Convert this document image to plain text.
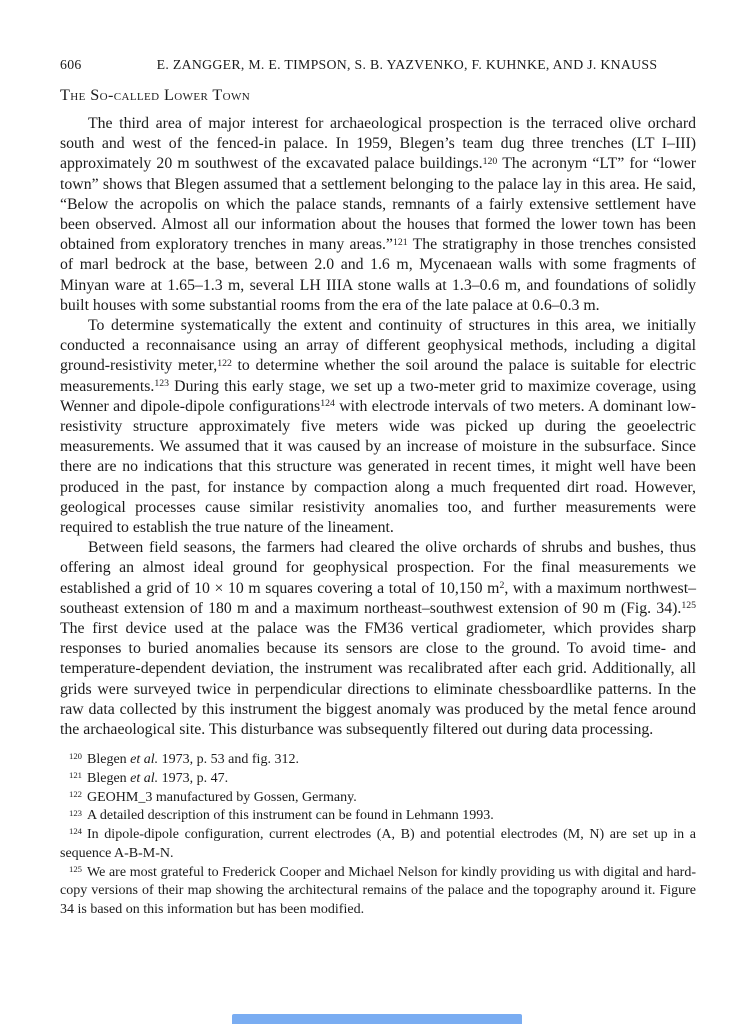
606	E. ZANGGER, M. E. TIMPSON, S. B. YAZVENKO, F. KUHNKE, AND J. KNAUSS
The So-called Lower Town

The third area of major interest for archaeological prospection is the terraced olive orchard south and west of the fenced-in palace. In 1959, Blegen’s team dug three trenches (LT I–III) approximately 20 m southwest of the excavated palace buildings.$^{120}$ The acronym “LT” for “lower town” shows that Blegen assumed that a settlement belonging to the palace lay in this area. He said, “Below the acropolis on which the palace stands, remnants of a fairly extensive settlement have been observed. Almost all our information about the houses that formed the lower town has been obtained from exploratory trenches in many areas.”$^{121}$ The stratigraphy in those trenches consisted of marl bedrock at the base, between 2.0 and 1.6 m, Mycenaean walls with some fragments of Minyan ware at 1.65–1.3 m, several LH IIIA stone walls at 1.3–0.6 m, and foundations of solidly built houses with some substantial rooms from the era of the late palace at 0.6–0.3 m.

To determine systematically the extent and continuity of structures in this area, we initially conducted a reconnaisance using an array of different geophysical methods, including a digital ground-resistivity meter,$^{122}$ to determine whether the soil around the palace is suitable for electric measurements.$^{123}$ During this early stage, we set up a two-meter grid to maximize coverage, using Wenner and dipole-dipole configurations$^{124}$ with electrode intervals of two meters. A dominant low-resistivity structure approximately five meters wide was picked up during the geoelectric measurements. We assumed that it was caused by an increase of moisture in the subsurface. Since there are no indications that this structure was generated in recent times, it might well have been produced in the past, for instance by compaction along a much frequented dirt road. However, geological processes cause similar resistivity anomalies too, and further measurements were required to establish the true nature of the lineament.

Between field seasons, the farmers had cleared the olive orchards of shrubs and bushes, thus offering an almost ideal ground for geophysical prospection. For the final measurements we established a grid of 10 × 10 m squares covering a total of 10,150 $m^2$, with a maximum northwest–southeast extension of 180 m and a maximum northeast–southwest extension of 90 m (Fig. 34).$^{125}$ The first device used at the palace was the FM36 vertical gradiometer, which provides sharp responses to buried anomalies because its sensors are close to the ground. To avoid time- and temperature-dependent deviation, the instrument was recalibrated after each grid. Additionally, all grids were surveyed twice in perpendicular directions to eliminate chessboardlike patterns. In the raw data collected by this instrument the biggest anomaly was produced by the metal fence around the archaeological site. This disturbance was subsequently filtered out during data processing.

$^{120}$ Blegen et al. 1973, p. 53 and fig. 312.

$^{121}$ Blegen et al. 1973, p. 47.

$^{122}$ GEOHM_3 manufactured by Gossen, Germany.

$^{123}$ A detailed description of this instrument can be found in Lehmann 1993.

$^{124}$ In dipole-dipole configuration, current electrodes (A, B) and potential electrodes (M, N) are set up in a sequence A-B-M-N.

$^{125}$ We are most grateful to Frederick Cooper and Michael Nelson for kindly providing us with digital and hard-copy versions of their map showing the architectural remains of the palace and the topography around it. Figure 34 is based on this information but has been modified.
